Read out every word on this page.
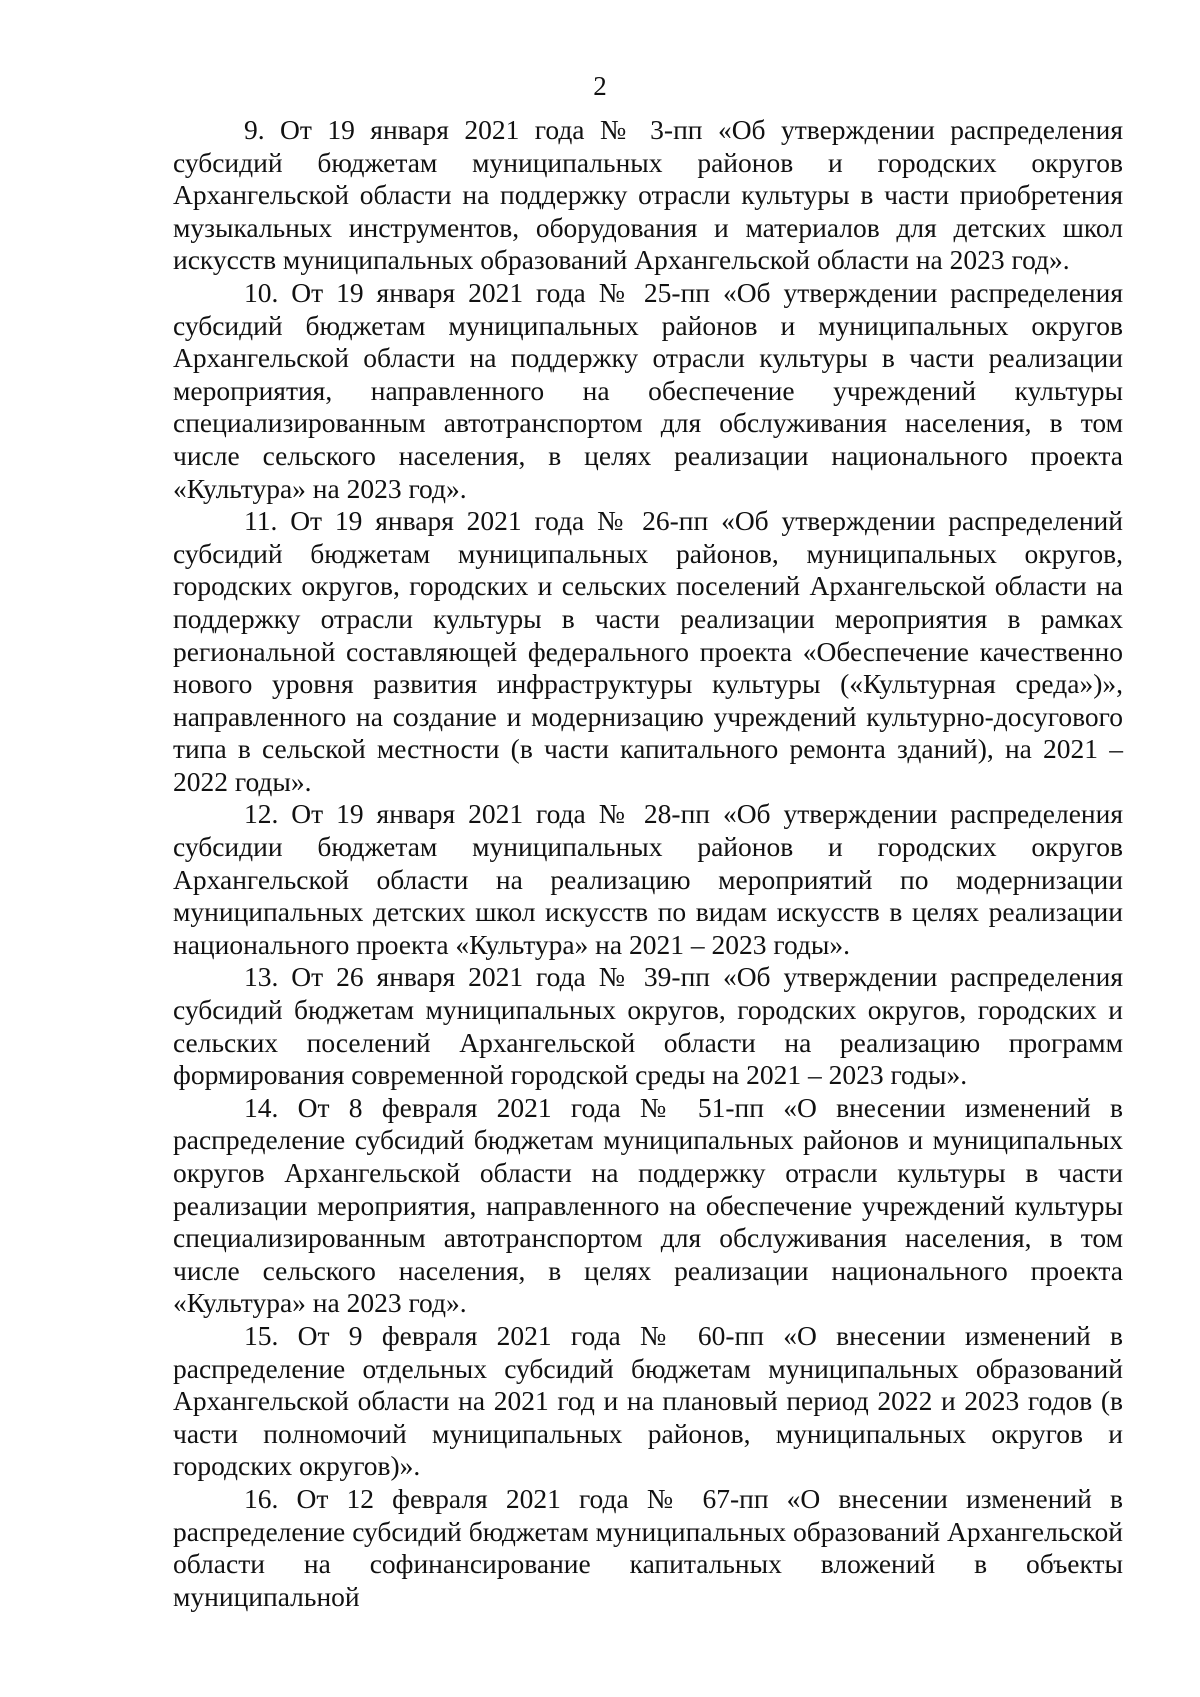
2

9. От 19 января 2021 года № 3-пп «Об утверждении распределения субсидий бюджетам муниципальных районов и городских округов Архангельской области на поддержку отрасли культуры в части приобретения музыкальных инструментов, оборудования и материалов для детских школ искусств муниципальных образований Архангельской области на 2023 год».

10. От 19 января 2021 года № 25-пп «Об утверждении распределения субсидий бюджетам муниципальных районов и муниципальных округов Архангельской области на поддержку отрасли культуры в части реализации мероприятия, направленного на обеспечение учреждений культуры специализированным автотранспортом для обслуживания населения, в том числе сельского населения, в целях реализации национального проекта «Культура» на 2023 год».

11. От 19 января 2021 года № 26-пп «Об утверждении распределений субсидий бюджетам муниципальных районов, муниципальных округов, городских округов, городских и сельских поселений Архангельской области на поддержку отрасли культуры в части реализации мероприятия в рамках региональной составляющей федерального проекта «Обеспечение качественно нового уровня развития инфраструктуры культуры («Культурная среда»)», направленного на создание и модернизацию учреждений культурно-досугового типа в сельской местности (в части капитального ремонта зданий), на 2021 – 2022 годы».

12. От 19 января 2021 года № 28-пп «Об утверждении распределения субсидии бюджетам муниципальных районов и городских округов Архангельской области на реализацию мероприятий по модернизации муниципальных детских школ искусств по видам искусств в целях реализации национального проекта «Культура» на 2021 – 2023 годы».

13. От 26 января 2021 года № 39-пп «Об утверждении распределения субсидий бюджетам муниципальных округов, городских округов, городских и сельских поселений Архангельской области на реализацию программ формирования современной городской среды на 2021 – 2023 годы».

14. От 8 февраля 2021 года № 51-пп «О внесении изменений в распределение субсидий бюджетам муниципальных районов и муниципальных округов Архангельской области на поддержку отрасли культуры в части реализации мероприятия, направленного на обеспечение учреждений культуры специализированным автотранспортом для обслуживания населения, в том числе сельского населения, в целях реализации национального проекта «Культура» на 2023 год».

15. От 9 февраля 2021 года № 60-пп «О внесении изменений в распределение отдельных субсидий бюджетам муниципальных образований Архангельской области на 2021 год и на плановый период 2022 и 2023 годов (в части полномочий муниципальных районов, муниципальных округов и городских округов)».

16. От 12 февраля 2021 года № 67-пп «О внесении изменений в распределение субсидий бюджетам муниципальных образований Архангельской области на софинансирование капитальных вложений в объекты муниципальной
